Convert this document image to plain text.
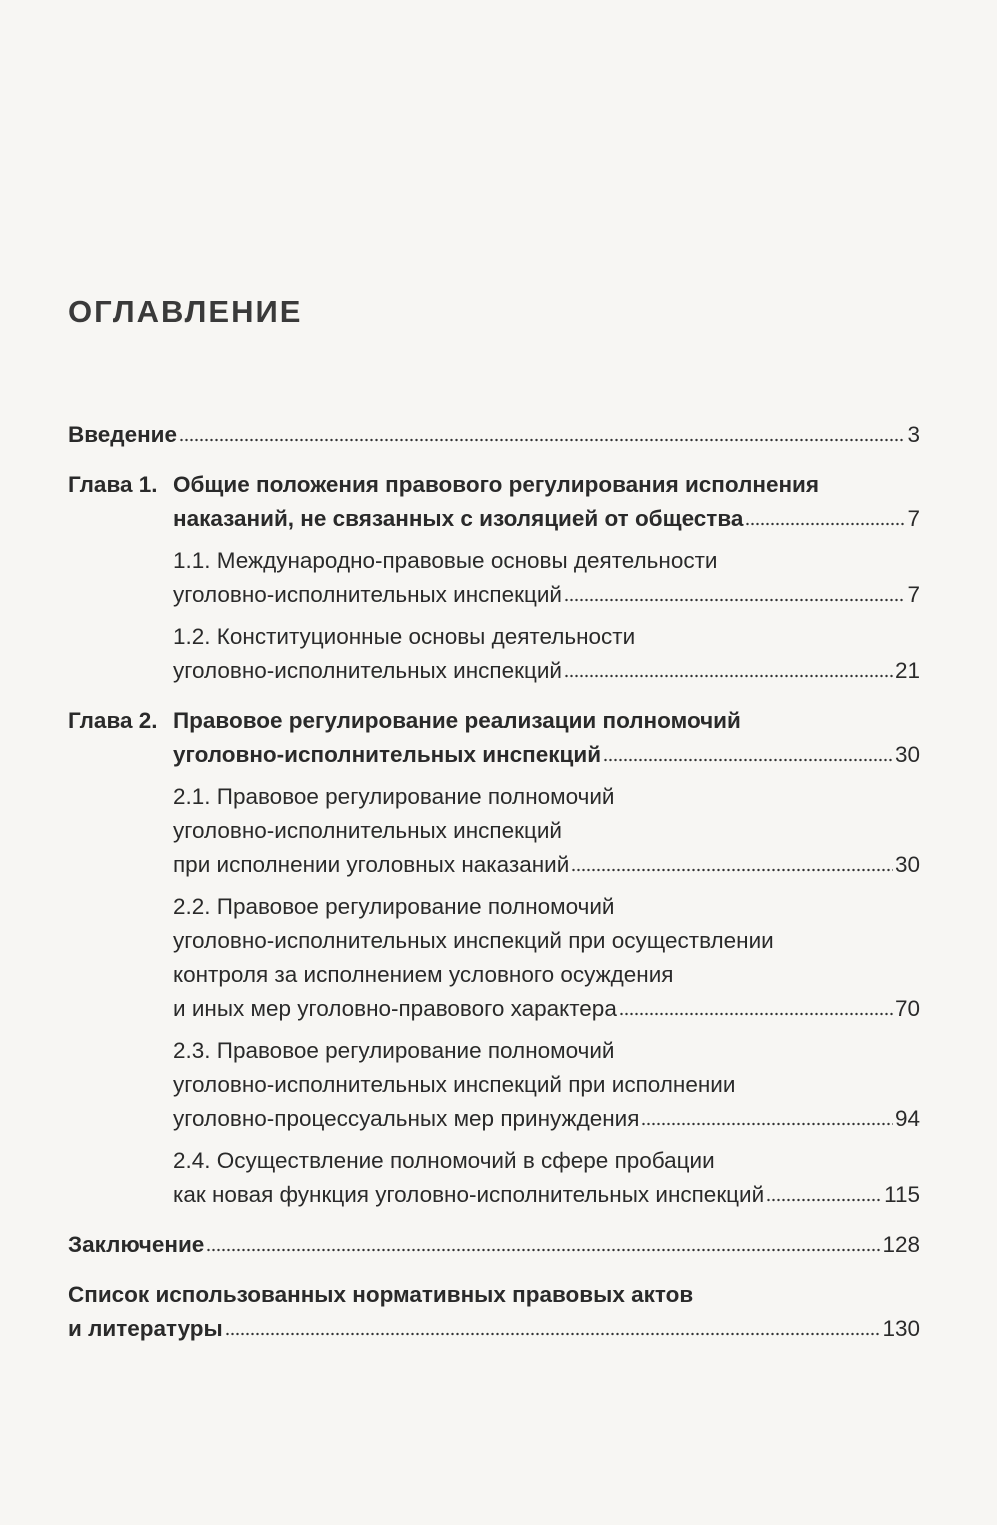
ОГЛАВЛЕНИЕ
Введение	3
Глава 1. Общие положения правового регулирования исполнения
наказаний, не связанных с изоляцией от общества	7
1.1. Международно-правовые основы деятельности
уголовно-исполнительных инспекций	7
1.2. Конституционные основы деятельности
уголовно-исполнительных инспекций	21
Глава 2. Правовое регулирование реализации полномочий
уголовно-исполнительных инспекций	30
2.1. Правовое регулирование полномочий
уголовно-исполнительных инспекций
при исполнении уголовных наказаний	30
2.2. Правовое регулирование полномочий
уголовно-исполнительных инспекций при осуществлении
контроля за исполнением условного осуждения
и иных мер уголовно-правового характера	70
2.3. Правовое регулирование полномочий
уголовно-исполнительных инспекций при исполнении
уголовно-процессуальных мер принуждения	94
2.4. Осуществление полномочий в сфере пробации
как новая функция уголовно-исполнительных инспекций	115
Заключение	128
Список использованных нормативных правовых актов
и литературы	130
